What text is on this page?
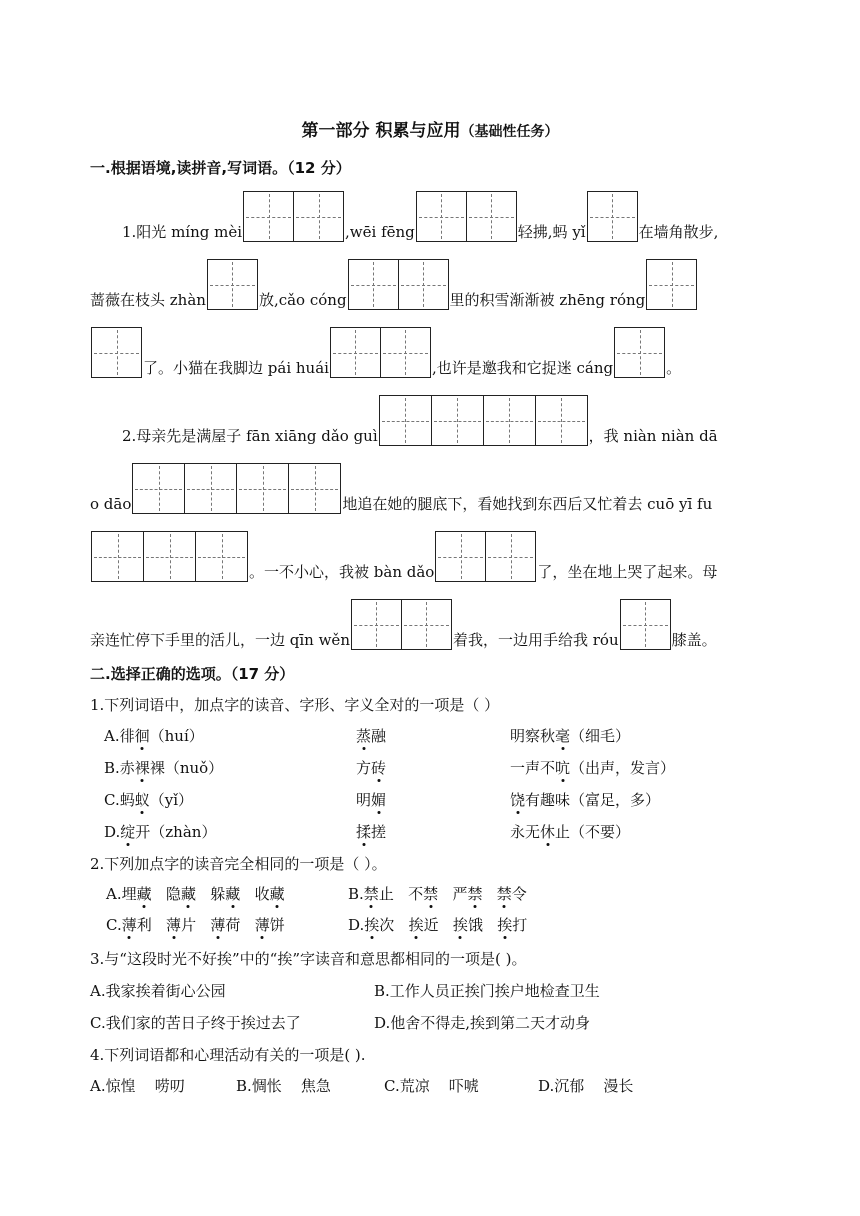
第一部分 积累与应用（基础性任务）
一.根据语境,读拼音,写词语。（12 分）
1.阳光 míng mèi	,wēi fēng	轻拂,蚂 yǐ	在墙角散步,
蔷薇在枝头 zhàn	放,cǎo cóng	里的积雪渐渐被 zhēng róng
了。小猫在我脚边 pái huái	,也许是邀我和它捉迷 cáng	。
2.母亲先是满屋子 fān xiāng dǎo guì	，我 niàn niàn dā
o dāo	地追在她的腿底下，看她找到东西后又忙着去 cuō yī fu
。一不小心，我被 bàn dǎo	了，坐在地上哭了起来。母
亲连忙停下手里的活儿，一边 qīn wěn	着我，一边用手给我 róu	膝盖。
二.选择正确的选项。（17 分）
1.下列词语中，加点字的读音、字形、字义全对的一项是（ ）
A.徘徊（huí）	蒸融	明察秋毫（细毛）
B.赤裸裸（nuǒ）	方砖	一声不吭（出声，发言）
C.蚂蚁（yǐ）	明媚	饶有趣味（富足，多）
D.绽开（zhàn）	揉搓	永无休止（不要）
2.下列加点字的读音完全相同的一项是（ ）。
A.埋藏   隐藏   躲藏   收藏	B.禁止   不禁   严禁 禁令
C.薄利   薄片   薄荷   薄饼	D.挨次   挨近   挨饿   挨打
3.与“这段时光不好挨”中的“挨”字读音和意思都相同的一项是( )。
A.我家挨着街心公园	B.工作人员正挨门挨户地检查卫生
C.我们家的苦日子终于挨过去了	D.他舍不得走,挨到第二天才动身
4.下列词语都和心理活动有关的一项是( ).
A.惊惶 唠叨	B.惆怅 焦急	C.荒凉 吓唬	D.沉郁 漫长
